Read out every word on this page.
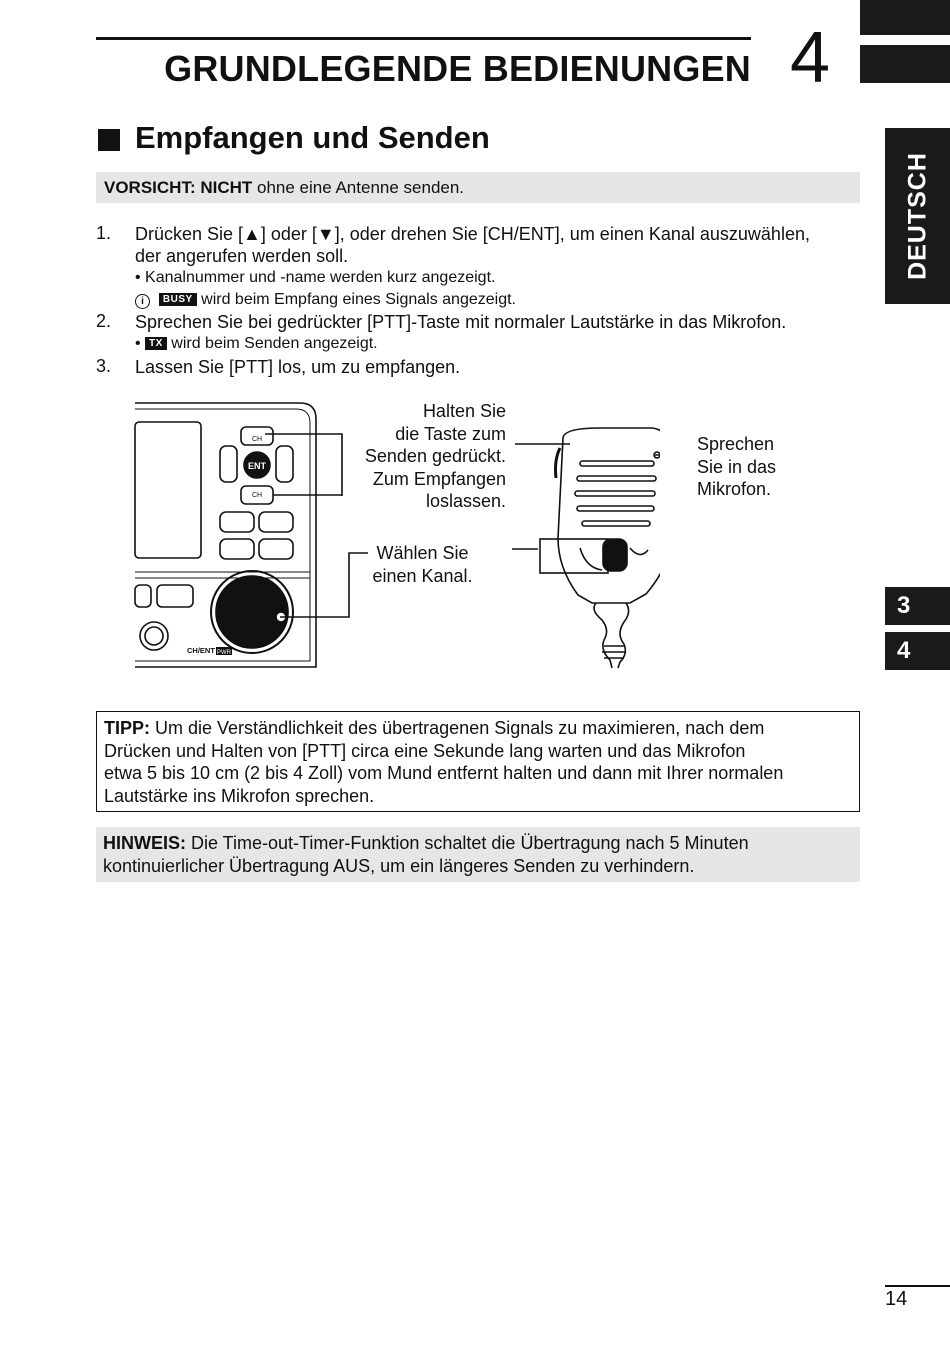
GRUNDLEGENDE BEDIENUNGEN 4
DEUTSCH
3
4
Empfangen und Senden
VORSICHT: NICHT ohne eine Antenne senden.
1. Drücken Sie [▲] oder [▼], oder drehen Sie [CH/ENT], um einen Kanal auszuwählen,
der angerufen werden soll.
• Kanalnummer und -name werden kurz angezeigt.
i BUSY wird beim Empfang eines Signals angezeigt.
2. Sprechen Sie bei gedrückter [PTT]-Taste mit normaler Lautstärke in das Mikrofon.
• TX wird beim Senden angezeigt.
3. Lassen Sie [PTT] los, um zu empfangen.
ENT
CH
CH
CH/ENT PWR
Halten Sie
die Taste zum
Senden gedrückt.
Zum Empfangen
loslassen.
Sprechen
Sie in das
Mikrofon.
Wählen Sie
einen Kanal.
TIPP: Um die Verständlichkeit des übertragenen Signals zu maximieren, nach dem
Drücken und Halten von [PTT] circa eine Sekunde lang warten und das Mikrofon
etwa 5 bis 10 cm (2 bis 4 Zoll) vom Mund entfernt halten und dann mit Ihrer normalen
Lautstärke ins Mikrofon sprechen.
HINWEIS: Die Time-out-Timer-Funktion schaltet die Übertragung nach 5 Minuten
kontinuierlicher Übertragung AUS, um ein längeres Senden zu verhindern.
14
